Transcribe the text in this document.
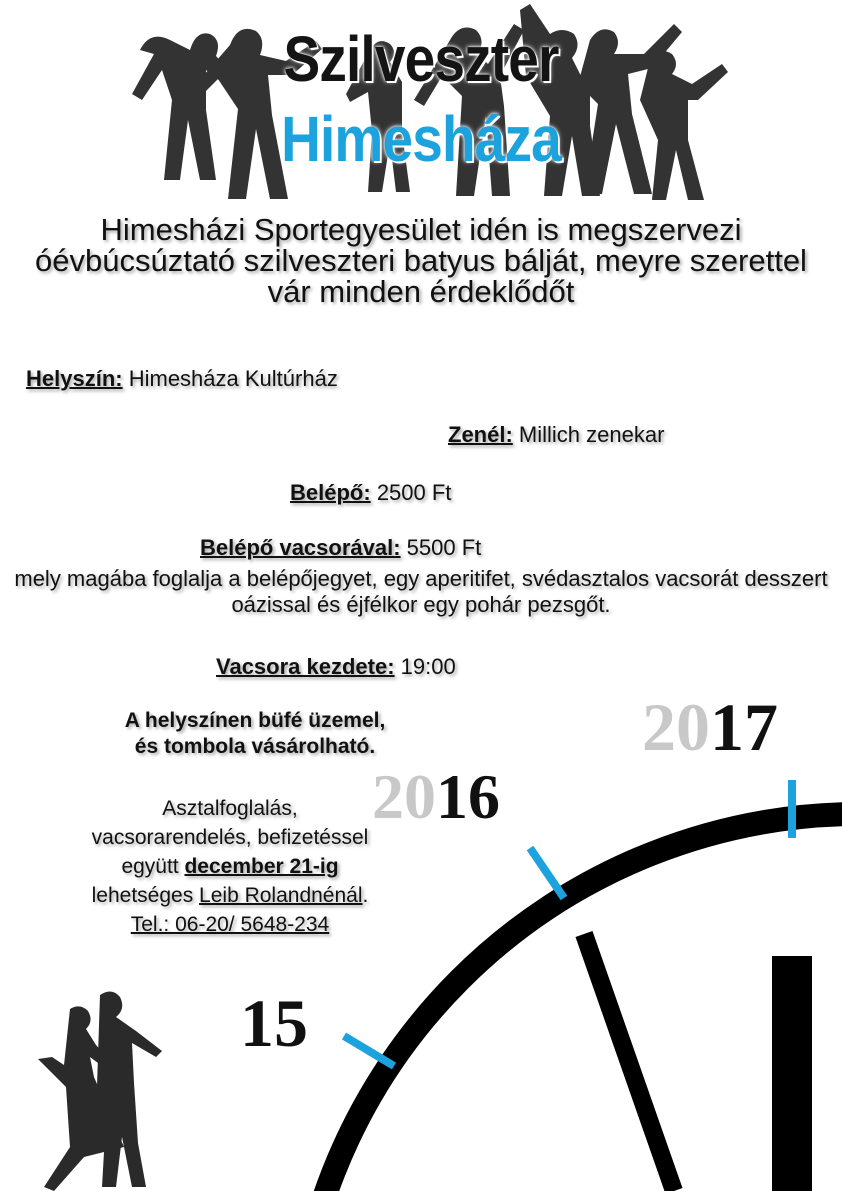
Szilveszter
Himesháza
Himesházi Sportegyesület idén is megszervezi óévbúcsúztató szilveszteri batyus bálját, meyre szerettel vár minden érdeklődőt
Helyszín: Himesháza Kultúrház
Zenél: Millich zenekar
Belépő: 2500 Ft
Belépő vacsorával: 5500 Ft
mely magába foglalja a belépőjegyet, egy aperitifet, svédasztalos vacsorát desszert oázissal és éjfélkor egy pohár pezsgőt.
Vacsora kezdete: 19:00
A helyszínen büfé üzemel,
és tombola vásárolható.
Asztalfoglalás,
vacsorarendelés, befizetéssel
együtt december 21-ig
lehetséges Leib Rolandnénál.
Tel.: 06-20/ 5648-234
2016
2017
15
